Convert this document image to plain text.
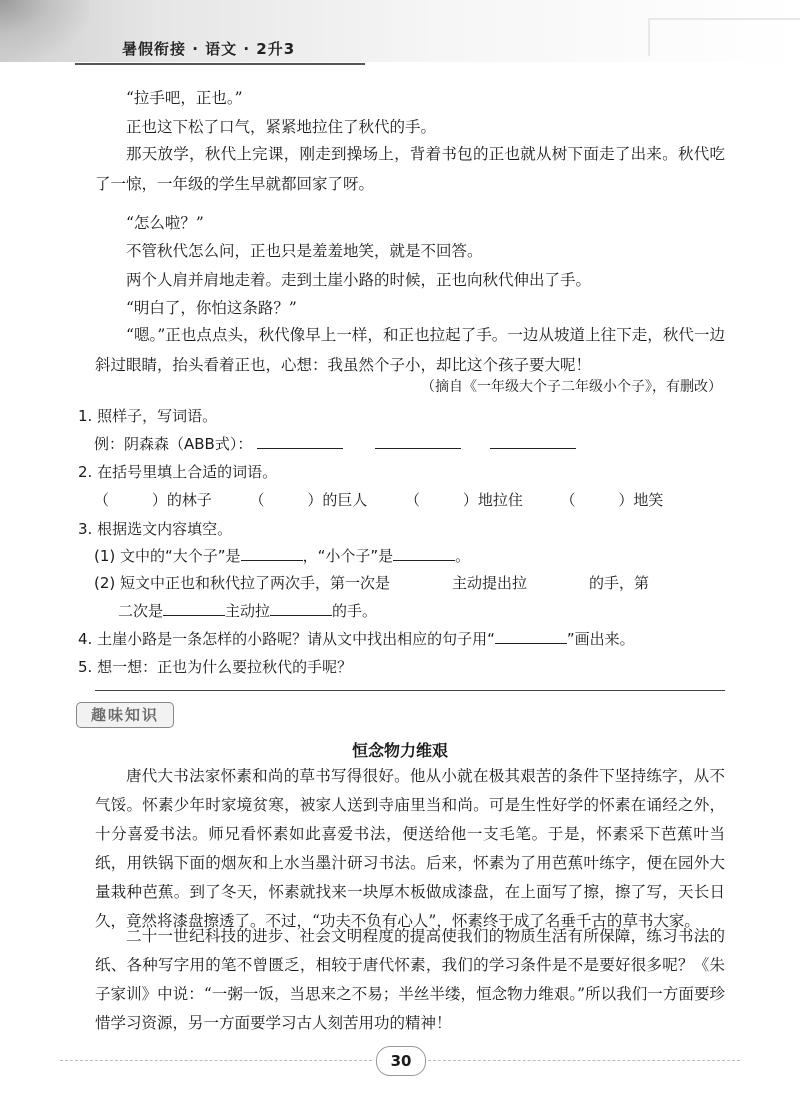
暑假衔接 · 语文 · 2升3
“拉手吧，正也。”
正也这下松了口气，紧紧地拉住了秋代的手。
那天放学，秋代上完课，刚走到操场上，背着书包的正也就从树下面走了出来。秋代吃了一惊，一年级的学生早就都回家了呀。
“怎么啦？”
不管秋代怎么问，正也只是羞羞地笑，就是不回答。
两个人肩并肩地走着。走到土崖小路的时候，正也向秋代伸出了手。
“明白了，你怕这条路？”
“嗯。”正也点点头，秋代像早上一样，和正也拉起了手。一边从坡道上往下走，秋代一边斜过眼睛，抬头看着正也，心想：我虽然个子小，却比这个孩子要大呢！
（摘自《一年级大个子二年级小个子》，有删改）
1. 照样子，写词语。
例：阴森森（ABB式）：
2. 在括号里填上合适的词语。
（         ）的林子	（         ）的巨人	（         ）地拉住	（         ）地笑
3. 根据选文内容填空。
(1) 文中的“大个子”是	，“小个子”是	。
(2) 短文中正也和秋代拉了两次手，第一次是	主动提出拉	的手，第
二次是	主动拉	的手。
4. 土崖小路是一条怎样的小路呢？请从文中找出相应的句子用“	”画出来。
5. 想一想：正也为什么要拉秋代的手呢？
趣味知识
恒念物力维艰
唐代大书法家怀素和尚的草书写得很好。他从小就在极其艰苦的条件下坚持练字，从不气馁。怀素少年时家境贫寒，被家人送到寺庙里当和尚。可是生性好学的怀素在诵经之外，十分喜爱书法。师兄看怀素如此喜爱书法，便送给他一支毛笔。于是，怀素采下芭蕉叶当纸，用铁锅下面的烟灰和上水当墨汁研习书法。后来，怀素为了用芭蕉叶练字，便在园外大量栽种芭蕉。到了冬天，怀素就找来一块厚木板做成漆盘，在上面写了擦，擦了写，天长日久，竟然将漆盘擦透了。不过，“功夫不负有心人”，怀素终于成了名垂千古的草书大家。
二十一世纪科技的进步、社会文明程度的提高使我们的物质生活有所保障，练习书法的纸、各种写字用的笔不曾匮乏，相较于唐代怀素，我们的学习条件是不是要好很多呢？《朱子家训》中说：“一粥一饭，当思来之不易；半丝半缕，恒念物力维艰。”所以我们一方面要珍惜学习资源，另一方面要学习古人刻苦用功的精神！
30
